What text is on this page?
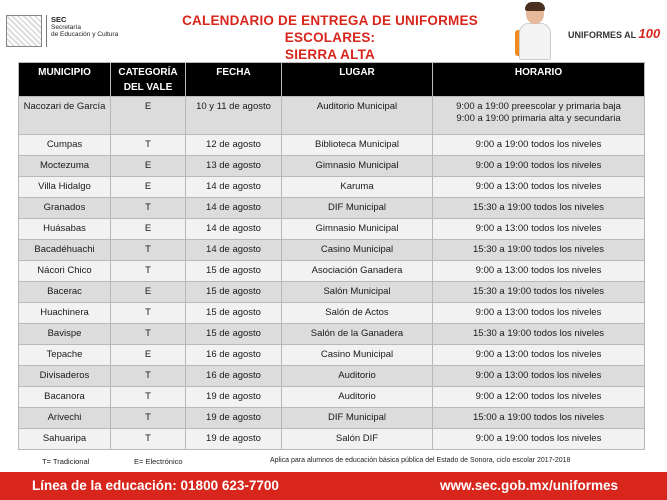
SEC
Secretaría
de Educación y Cultura
CALENDARIO DE ENTREGA DE UNIFORMES ESCOLARES:
SIERRA ALTA
UNIFORMES AL 100
MUNICIPIO	CATEGORÍA DEL VALE	FECHA	LUGAR	HORARIO
Nacozari de García	E	10 y 11 de agosto	Auditorio Municipal	9:00 a 19:00 preescolar y primaria baja
9:00 a 19:00 primaria alta y secundaria

Cumpas	T	12 de agosto	Biblioteca Municipal	9:00 a 19:00 todos los niveles
Moctezuma	E	13 de agosto	Gimnasio Municipal	9:00 a 19:00 todos los niveles
Villa Hidalgo	E	14 de agosto	Karuma	9:00 a 13:00 todos los niveles
Granados	T	14 de agosto	DIF Municipal	15:30 a 19:00 todos los niveles
Huásabas	E	14 de agosto	Gimnasio Municipal	9:00 a 13:00 todos los niveles
Bacadéhuachi	T	14 de agosto	Casino Municipal	15:30 a 19:00 todos los niveles
Nácori Chico	T	15 de agosto	Asociación Ganadera	9:00 a 13:00 todos los niveles
Bacerac	E	15 de agosto	Salón Municipal	15:30 a 19:00 todos los niveles
Huachinera	T	15 de agosto	Salón de Actos	9:00 a 13:00 todos los niveles
Bavispe	T	15 de agosto	Salón de la Ganadera	15:30 a 19:00 todos los niveles
Tepache	E	16 de agosto	Casino Municipal	9:00 a 13:00 todos los niveles
Divisaderos	T	16 de agosto	Auditorio	9:00 a 13:00 todos los niveles
Bacanora	T	19 de agosto	Auditorio	9:00 a 12:00 todos los niveles
Arivechi	T	19 de agosto	DIF Municipal	15:00 a 19:00 todos los niveles
Sahuaripa	T	19 de agosto	Salón DIF	9:00 a 19:00 todos los niveles
T= Tradicional	E= Electrónico	Aplica para alumnos de educación básica pública del Estado de Sonora, ciclo escolar 2017-2018
Línea de la educación: 01800 623-7700	www.sec.gob.mx/uniformes
